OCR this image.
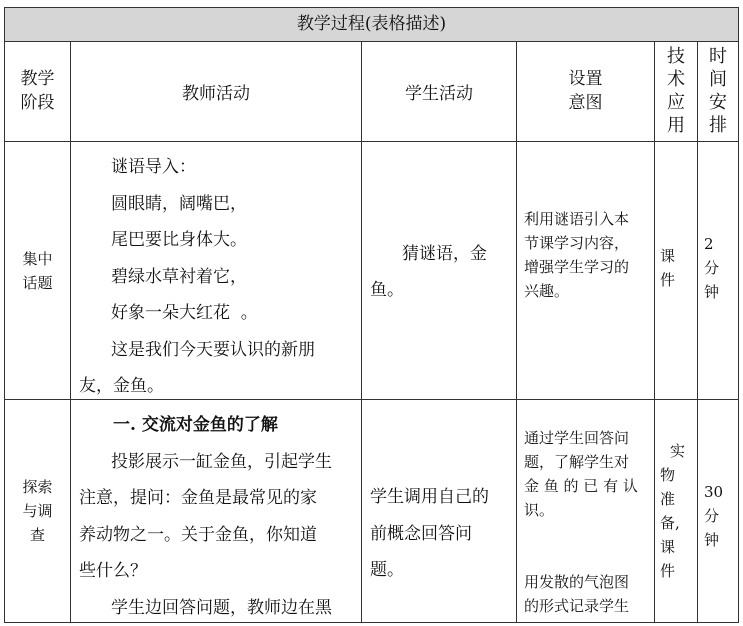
教学过程(表格描述)
教学
阶段	教师活动	学生活动
设置
意图
技
术
应
用
时
间
安
排
集中
话题

谜语导入：

圆眼睛，阔嘴巴，

尾巴要比身体大。

碧绿水草衬着它，

好象一朵大红花  。

这是我们今天要认识的新朋

友，金鱼。

猜谜语，金
鱼。
利用谜语引入本
节课学习内容，
增强学生学习的
兴趣。
课
件
2
分
钟
探索
与调
查
一. 交流对金鱼的了解
投影展示一缸金鱼，引起学生
注意，提问：金鱼是最常见的家
养动物之一。关于金鱼，你知道
些什么？
学生边回答问题，教师边在黑
学生调用自己的
前概念回答问
题。
通过学生回答问
题，了解学生对
金 鱼 的 已 有 认
识。
用发散的气泡图
的形式记录学生
实
物
准
备,
课
件
30
分
钟
